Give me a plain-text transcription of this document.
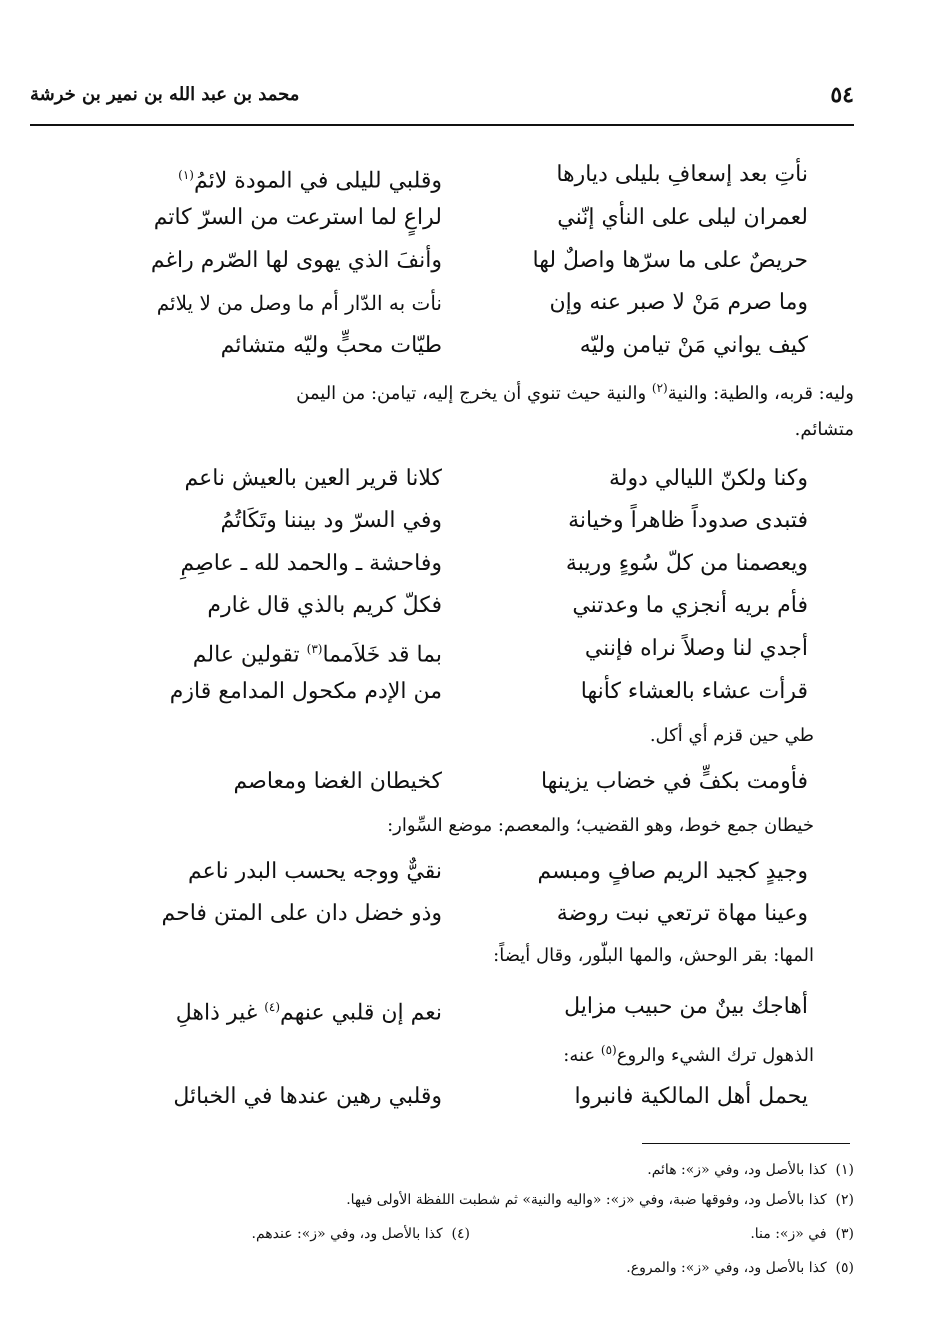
٥٤
محمد بن عبد الله بن نمير بن خرشة
نأتِ بعد إسعافِ بليلى ديارها
وقلبي لليلى في المودة لائمُ$^{(١)}$
لعمران ليلى على النأي إنّني
لراعٍ لما استرعت من السرّ كاتم
حريصٌ على ما سرّها واصلٌ لها
وأنفَ الذي يهوى لها الصّرم راغم
وما صرم مَنْ لا صبر عنه وإن
نأت به الدّار أم ما وصل من لا يلائم
كيف يواني مَنْ تيامن وليّه
طيّات محبٍّ وليّه متشائم
وليه: قربه، والطية: والنية$^{(٢)}$ والنية حيث تنوي أن يخرج إليه، تيامن: من اليمن
متشائم.
وكنا ولكنّ الليالي دولة
كلانا قرير العين بالعيش ناعم
فتبدى صدوداً ظاهراً وخيانة
وفي السرّ ود بيننا وتَكَاتُمُ
ويعصمنا من كلّ سُوءٍ وريبة
وفاحشة ـ والحمد لله ـ عاصِمِ
فأم بريه أنجزي ما وعدتني
فكلّ كريم بالذي قال غارم
أجدي لنا وصلاً نراه فإنني
بما قد خَلاَمما$^{(٣)}$ تقولين عالم
قرأت عشاء بالعشاء كأنها
من الإدم مكحول المدامع قازم
طي حين قزم أي أكل.
فأومت بكفٍّ في خضاب يزينها
كخيطان الغضا ومعاصم
خيطان جمع خوط، وهو القضيب؛ والمعصم: موضع السِّوار:
وجيدٍ كجيد الريم صافٍ ومبسم
نقيٌّ ووجه يحسب البدر ناعم
وعينا مهاة ترتعي نبت روضة
وذو خضل دان على المتن فاحم
المها: بقر الوحش، والمها البلّور، وقال أيضاً:
أهاجك بينٌ من حبيب مزايل
نعم إن قلبي عنهم$^{(٤)}$ غير ذاهلِ
الذهول ترك الشيء والروع$^{(٥)}$ عنه:
يحمل أهل المالكية فانبروا
وقلبي رهين عندها في الخبائل
(١)  كذا بالأصل ود، وفي «ز»: هائم.
(٢)  كذا بالأصل ود، وفوقها ضبة، وفي «ز»: «واليه والنية» ثم شطبت اللفظة الأولى فيها.
(٣)  في «ز»: منا.
(٤)  كذا بالأصل ود، وفي «ز»: عندهم.
(٥)  كذا بالأصل ود، وفي «ز»: والمروع.
